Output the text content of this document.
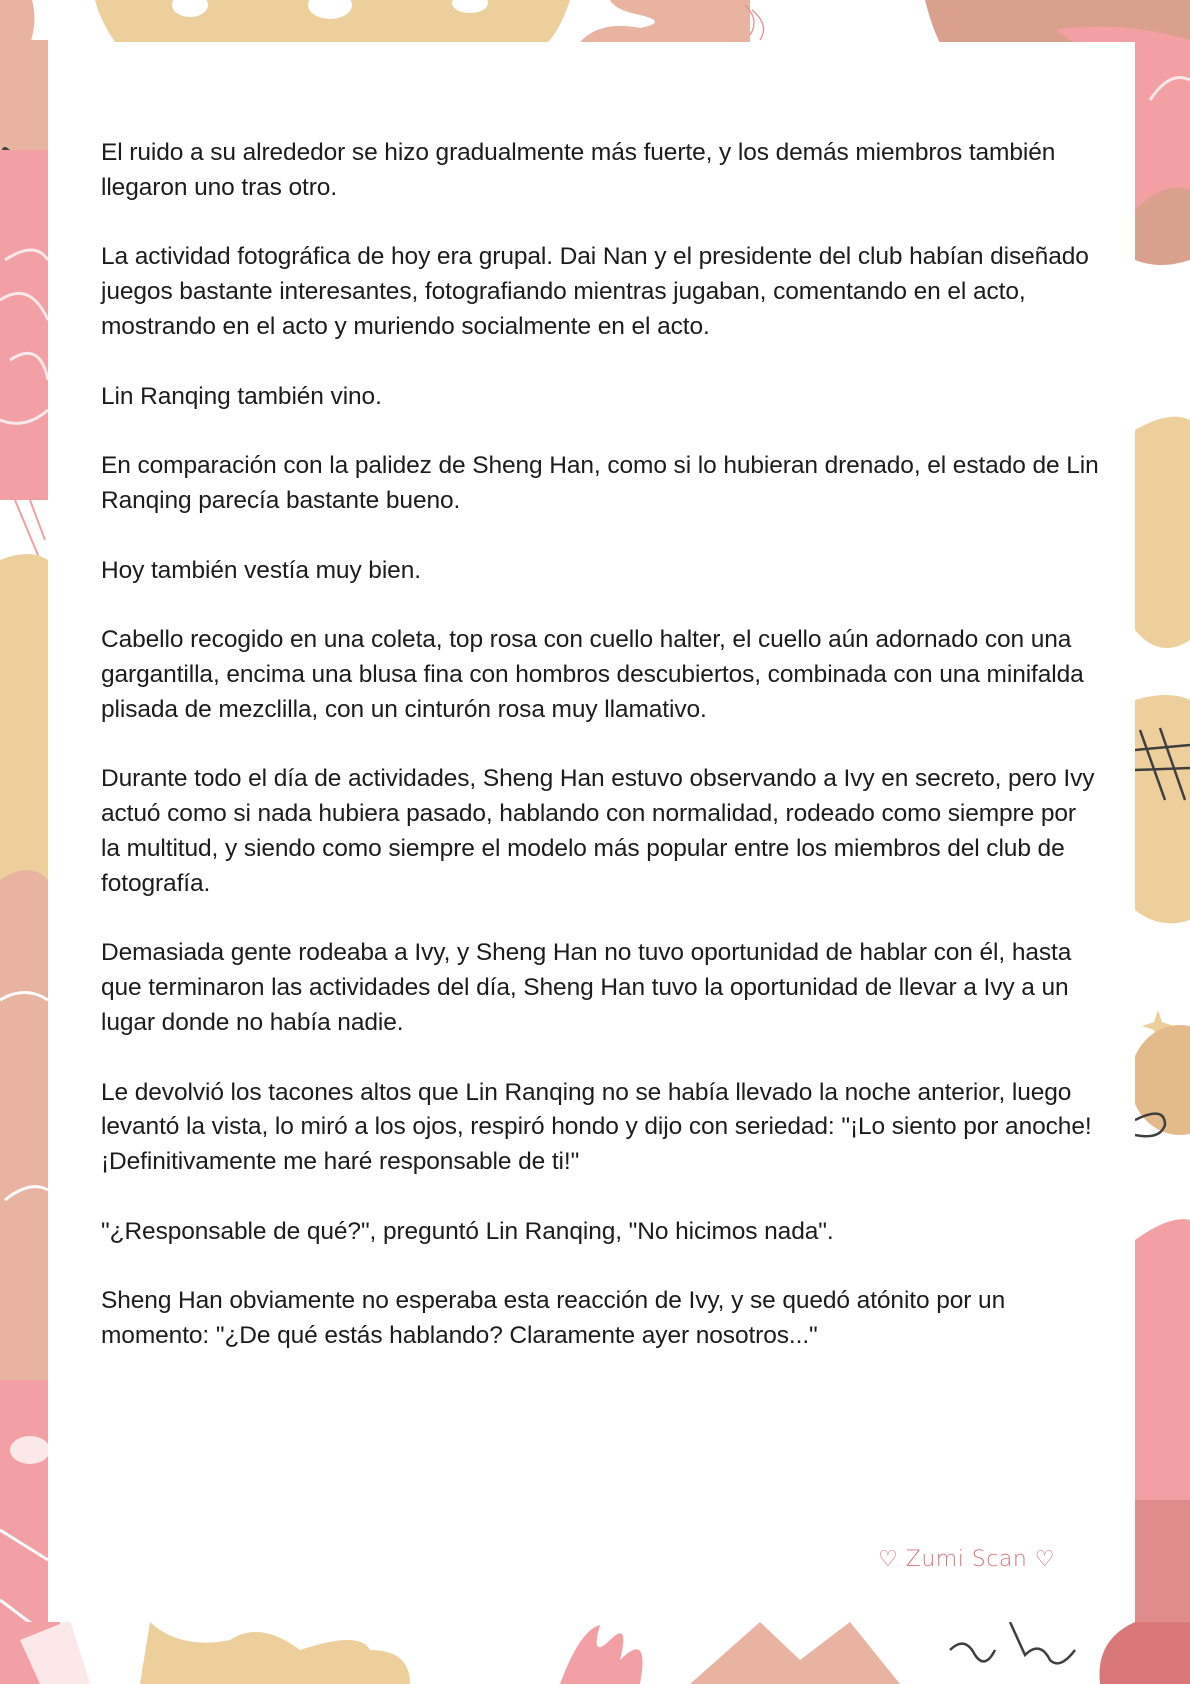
El ruido a su alrededor se hizo gradualmente más fuerte, y los demás miembros también llegaron uno tras otro.

La actividad fotográfica de hoy era grupal. Dai Nan y el presidente del club habían diseñado juegos bastante interesantes, fotografiando mientras jugaban, comentando en el acto, mostrando en el acto y muriendo socialmente en el acto.

Lin Ranqing también vino.

En comparación con la palidez de Sheng Han, como si lo hubieran drenado, el estado de Lin Ranqing parecía bastante bueno.

Hoy también vestía muy bien.

Cabello recogido en una coleta, top rosa con cuello halter, el cuello aún adornado con una gargantilla, encima una blusa fina con hombros descubiertos, combinada con una minifalda plisada de mezclilla, con un cinturón rosa muy llamativo.

Durante todo el día de actividades, Sheng Han estuvo observando a Ivy en secreto, pero Ivy actuó como si nada hubiera pasado, hablando con normalidad, rodeado como siempre por la multitud, y siendo como siempre el modelo más popular entre los miembros del club de fotografía.

Demasiada gente rodeaba a Ivy, y Sheng Han no tuvo oportunidad de hablar con él, hasta que terminaron las actividades del día, Sheng Han tuvo la oportunidad de llevar a Ivy a un lugar donde no había nadie.

Le devolvió los tacones altos que Lin Ranqing no se había llevado la noche anterior, luego levantó la vista, lo miró a los ojos, respiró hondo y dijo con seriedad: "¡Lo siento por anoche! ¡Definitivamente me haré responsable de ti!"

"¿Responsable de qué?", preguntó Lin Ranqing, "No hicimos nada".

Sheng Han obviamente no esperaba esta reacción de Ivy, y se quedó atónito por un momento: "¿De qué estás hablando? Claramente ayer nosotros..."

♡ Zumi Scan ♡
